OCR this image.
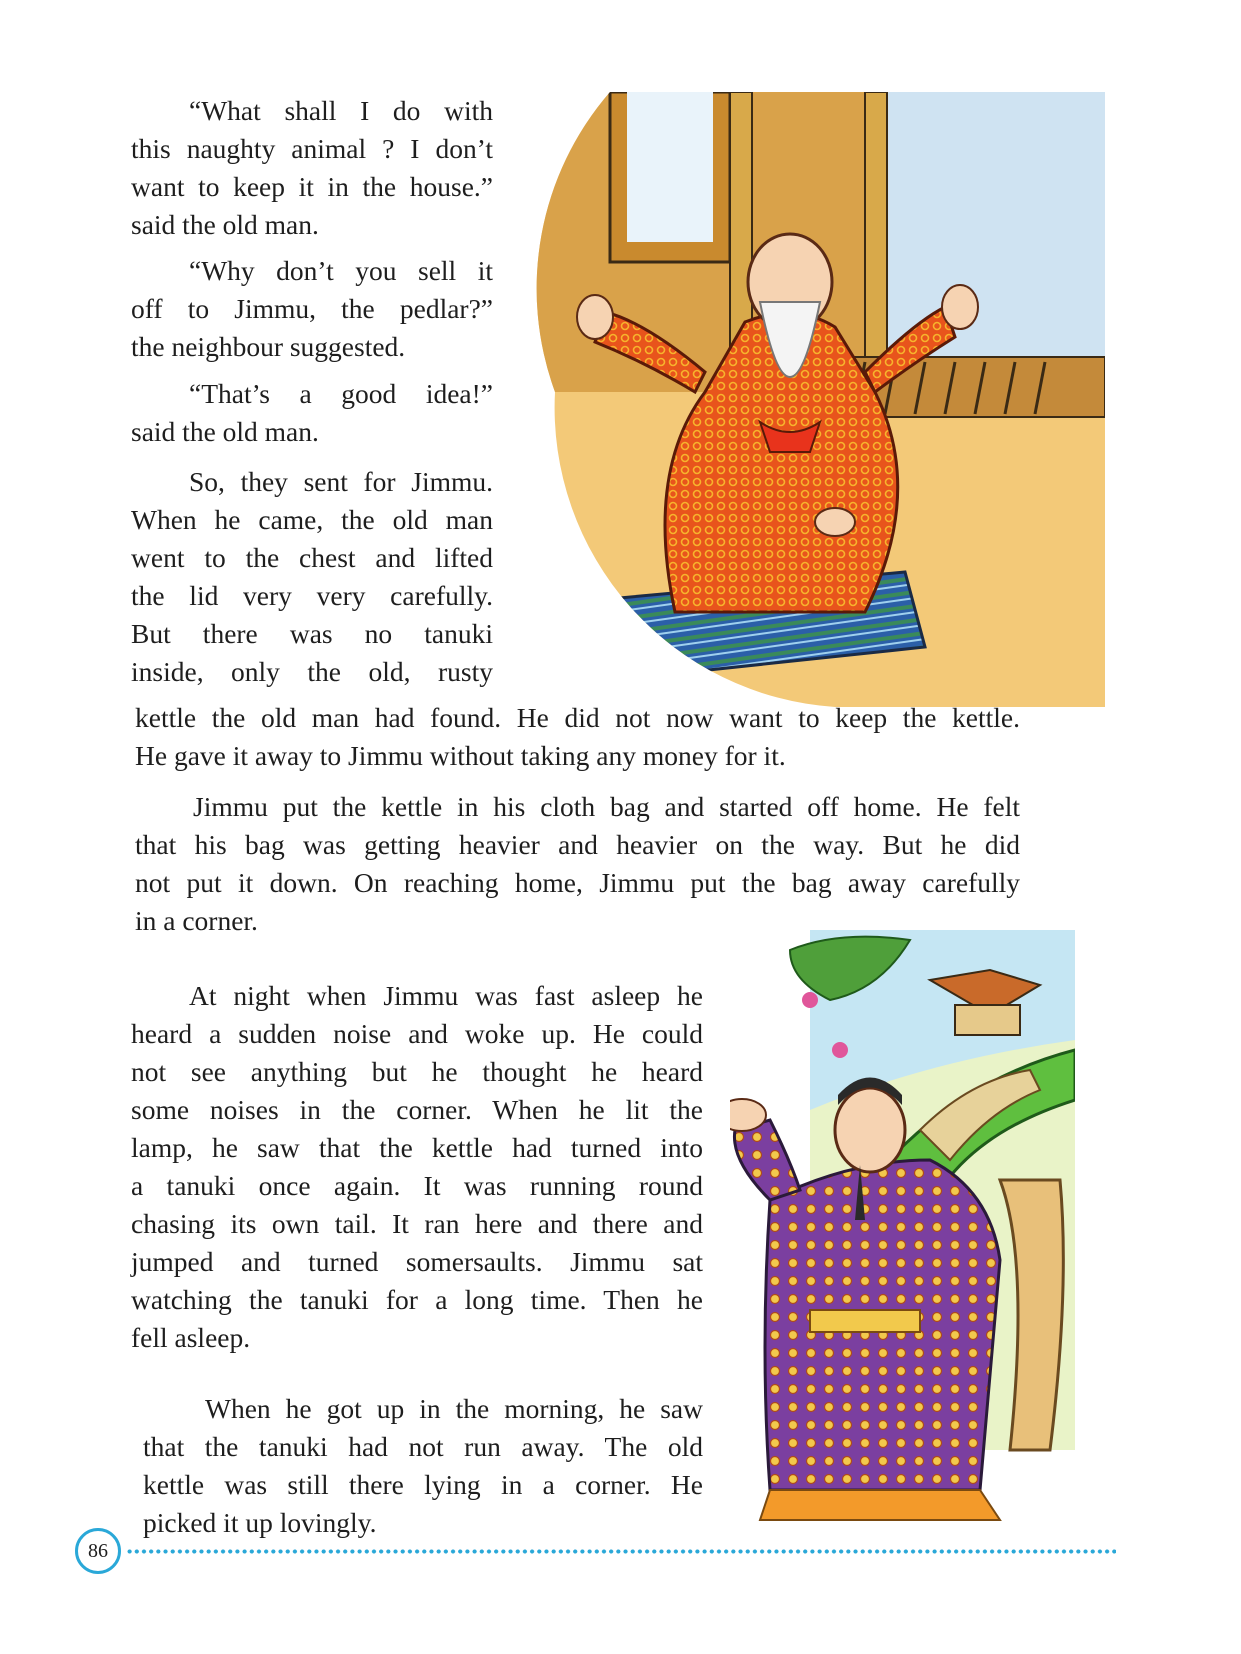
“What shall I do with
this naughty animal ? I don’t
want to keep it in the house.”
said the old man.
“Why don’t you sell it
off to Jimmu, the pedlar?”
the neighbour suggested.
“That’s a good idea!”
said the old man.
So, they sent for Jimmu.
When he came, the old man
went to the chest and lifted
the lid very very carefully.
But there was no tanuki
inside, only the old, rusty
kettle the old man had found. He did not now want to keep the kettle.
He gave it away to Jimmu without taking any money for it.
Jimmu put the kettle in his cloth bag and started off home. He felt
that his bag was getting heavier and heavier on the way. But he did
not put it down. On reaching home, Jimmu put the bag away carefully
in a corner.
At night when Jimmu was fast asleep he
heard a sudden noise and woke up. He could
not see anything but he thought he heard
some noises in the corner. When he lit the
lamp, he saw that the kettle had turned into
a tanuki once again. It was running round
chasing its own tail. It ran here and there and
jumped and turned somersaults. Jimmu sat
watching the tanuki for a long time. Then he
fell asleep.
When he got up in the morning, he saw
that the tanuki had not run away. The old
kettle was still there lying in a corner. He
picked it up lovingly.
86
